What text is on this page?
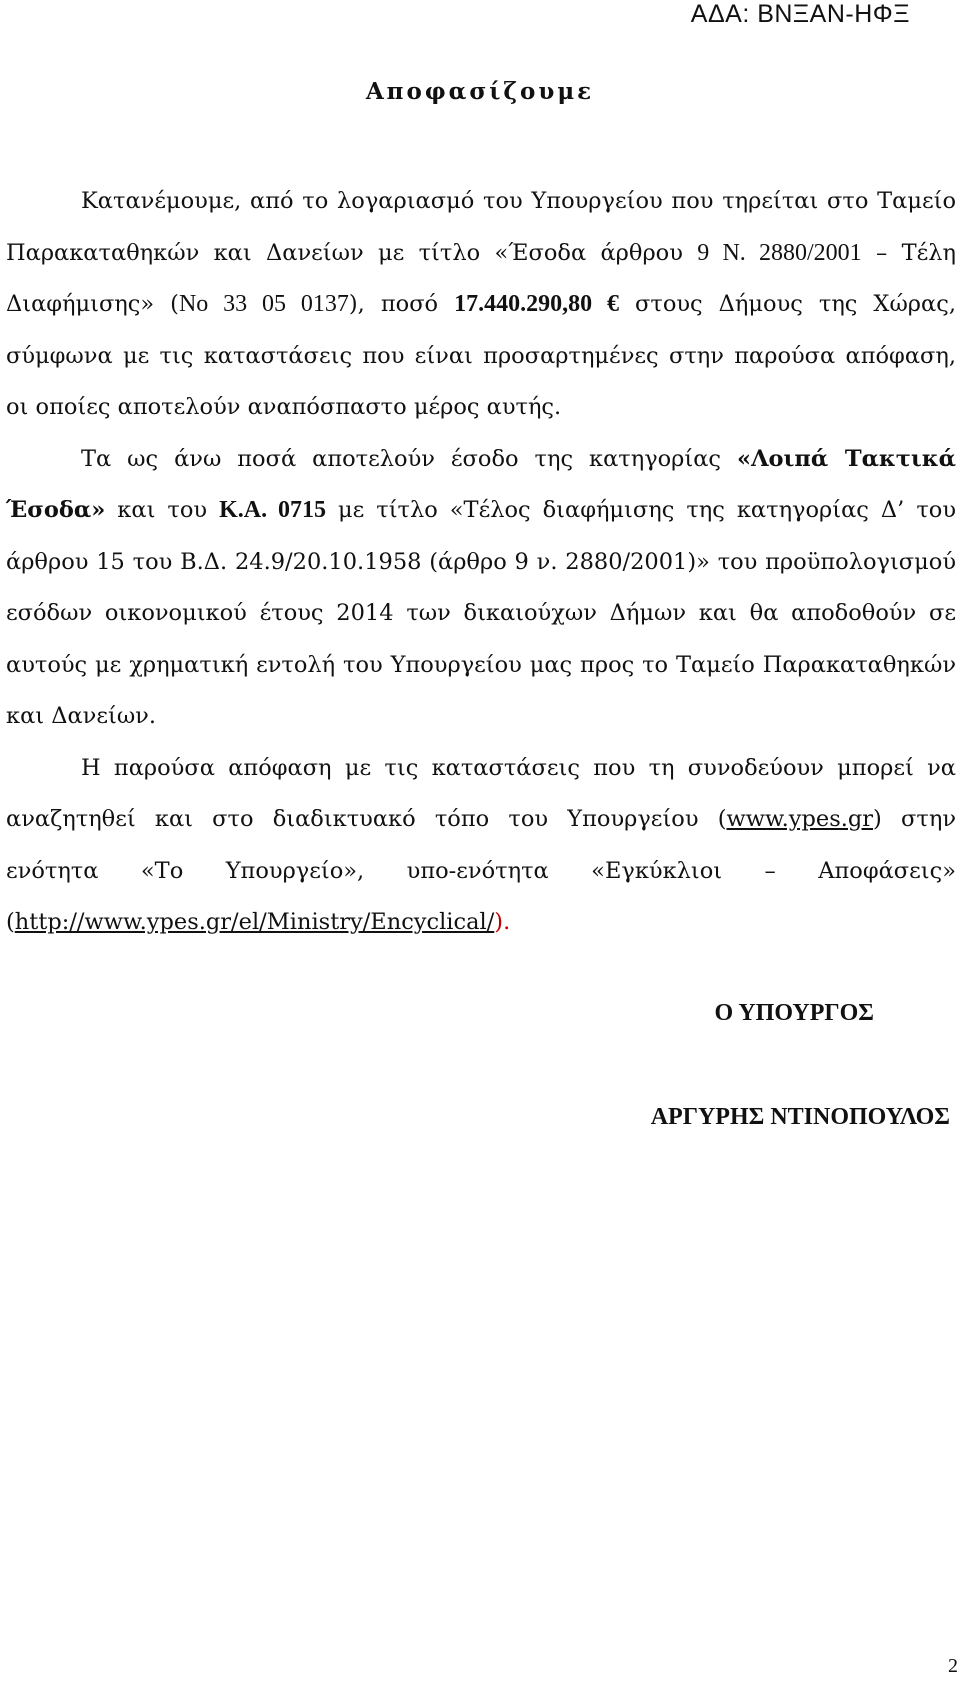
ΑΔΑ: ΒΝΞΑΝ-ΗΦΞ
Αποφασίζουμε

Κατανέμουμε, από το λογαριασμό του Υπουργείου που τηρείται στο Ταμείο Παρακαταθηκών και Δανείων με τίτλο «Έσοδα άρθρου 9 Ν. 2880/2001 – Τέλη Διαφήμισης» (Νο 33 05 0137), ποσό 17.440.290,80 € στους Δήμους της Χώρας, σύμφωνα με τις καταστάσεις που είναι προσαρτημένες στην παρούσα απόφαση, οι οποίες αποτελούν αναπόσπαστο μέρος αυτής.

Τα ως άνω ποσά αποτελούν έσοδο της κατηγορίας «Λοιπά Τακτικά Έσοδα» και του Κ.Α. 0715 με τίτλο «Τέλος διαφήμισης της κατηγορίας Δ’ του άρθρου 15 του Β.Δ. 24.9/20.10.1958 (άρθρο 9 ν. 2880/2001)» του προϋπολογισμού εσόδων οικονομικού έτους 2014 των δικαιούχων Δήμων και θα αποδοθούν σε αυτούς με χρηματική εντολή του Υπουργείου μας προς το Ταμείο Παρακαταθηκών και Δανείων.

Η παρούσα απόφαση με τις καταστάσεις που τη συνοδεύουν μπορεί να αναζητηθεί και στο διαδικτυακό τόπο του Υπουργείου (www.ypes.gr) στην ενότητα «Το Υπουργείο», υπο-ενότητα «Εγκύκλιοι – Αποφάσεις» (http://www.ypes.gr/el/Ministry/Encyclical/).

Ο ΥΠΟΥΡΓΟΣ
ΑΡΓΥΡΗΣ ΝΤΙΝΟΠΟΥΛΟΣ
2
